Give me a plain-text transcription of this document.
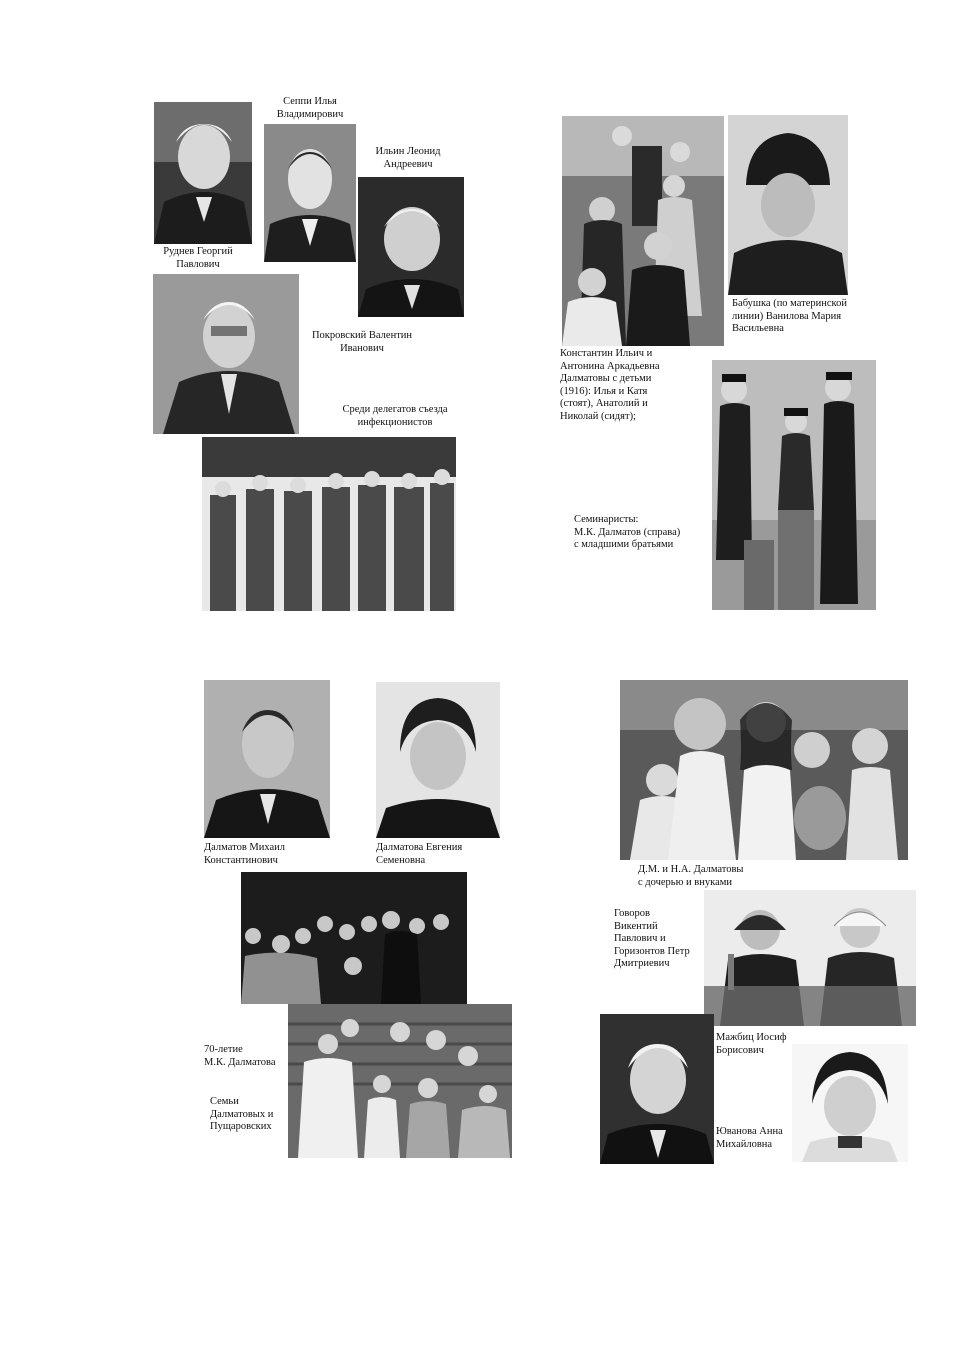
Руднев Георгий
Павлович
Сеппи Илья
Владимирович
Ильин Леонид
Андреевич
Покровский Валентин
Иванович
Среди делегатов съезда
инфекционистов
Константин Ильич и
Антонина Аркадьевна
Далматовы с детьми
(1916): Илья и Катя
(стоят), Анатолий и
Николай (сидят);
Бабушка (по материнской
линии) Ванилова Мария
Васильевна
Семинаристы:
М.К. Далматов (справа)
с младшими братьями
Далматов Михаил
Константинович
Далматова Евгения
Семеновна
Д.М. и Н.А. Далматовы
с дочерью и внуками
Говоров
Викентий
Павлович и
Горизонтов Петр
Дмитриевич
70-летие
М.К. Далматова
Семьи
Далматовых и
Пущаровских
Мажбиц Иосиф
Борисович
Юванова Анна
Михайловна
